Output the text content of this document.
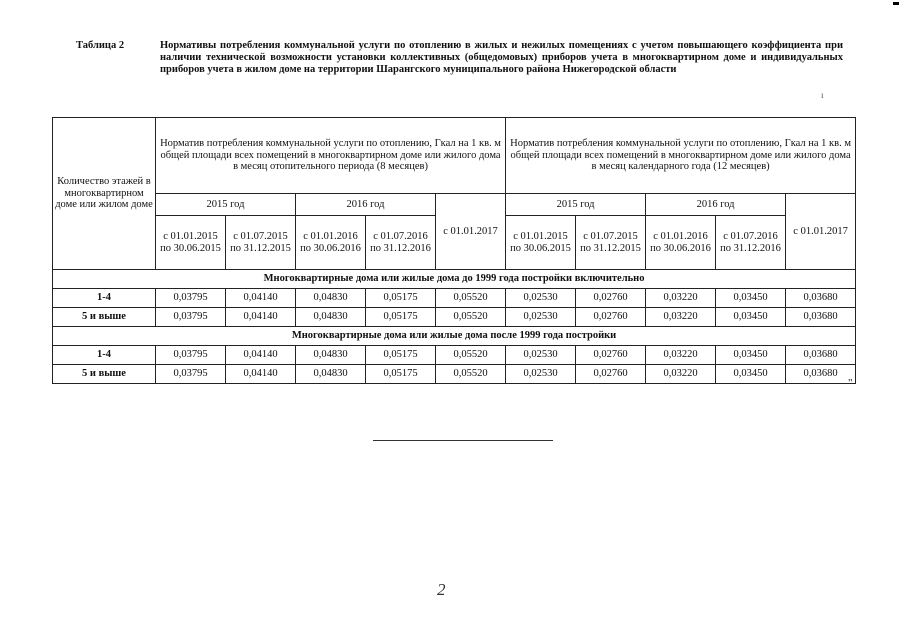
Таблица 2	Нормативы потребления коммунальной услуги по отоплению в жилых и нежилых помещениях с учетом повышающего коэффициента при наличии технической возможности установки коллективных (общедомовых) приборов учета в многоквартирном доме и индивидуальных приборов учета в жилом доме на территории Шарангского муниципального района Нижегородской области
ı
Количество этажей в многоквартирном доме или жилом доме	Норматив потребления коммунальной услуги по отоплению, Гкал на 1 кв. м общей площади всех помещений в многоквартирном доме или жилого дома в месяц отопительного периода (8 месяцев)					Норматив потребления коммунальной услуги по отоплению, Гкал на 1 кв. м общей площади всех помещений в многоквартирном доме или жилого дома в месяц календарного года (12 месяцев)				
	2015 год		2016 год		с 01.01.2017	2015 год		2016 год		с 01.01.2017
	с 01.01.2015 по 30.06.2015	с 01.07.2015 по 31.12.2015	с 01.01.2016 по 30.06.2016	с 01.07.2016 по 31.12.2016		с 01.01.2015 по 30.06.2015	с 01.07.2015 по 31.12.2015	с 01.01.2016 по 30.06.2016	с 01.07.2016 по 31.12.2016	
Многоквартирные дома или жилые дома до 1999 года постройки включительно										
1-4	0,03795	0,04140	0,04830	0,05175	0,05520	0,02530	0,02760	0,03220	0,03450	0,03680
5 и выше	0,03795	0,04140	0,04830	0,05175	0,05520	0,02530	0,02760	0,03220	0,03450	0,03680
Многоквартирные дома или жилые дома после 1999 года постройки										
1-4	0,03795	0,04140	0,04830	0,05175	0,05520	0,02530	0,02760	0,03220	0,03450	0,03680
5 и выше	0,03795	0,04140	0,04830	0,05175	0,05520	0,02530	0,02760	0,03220	0,03450	0,03680
"
2
